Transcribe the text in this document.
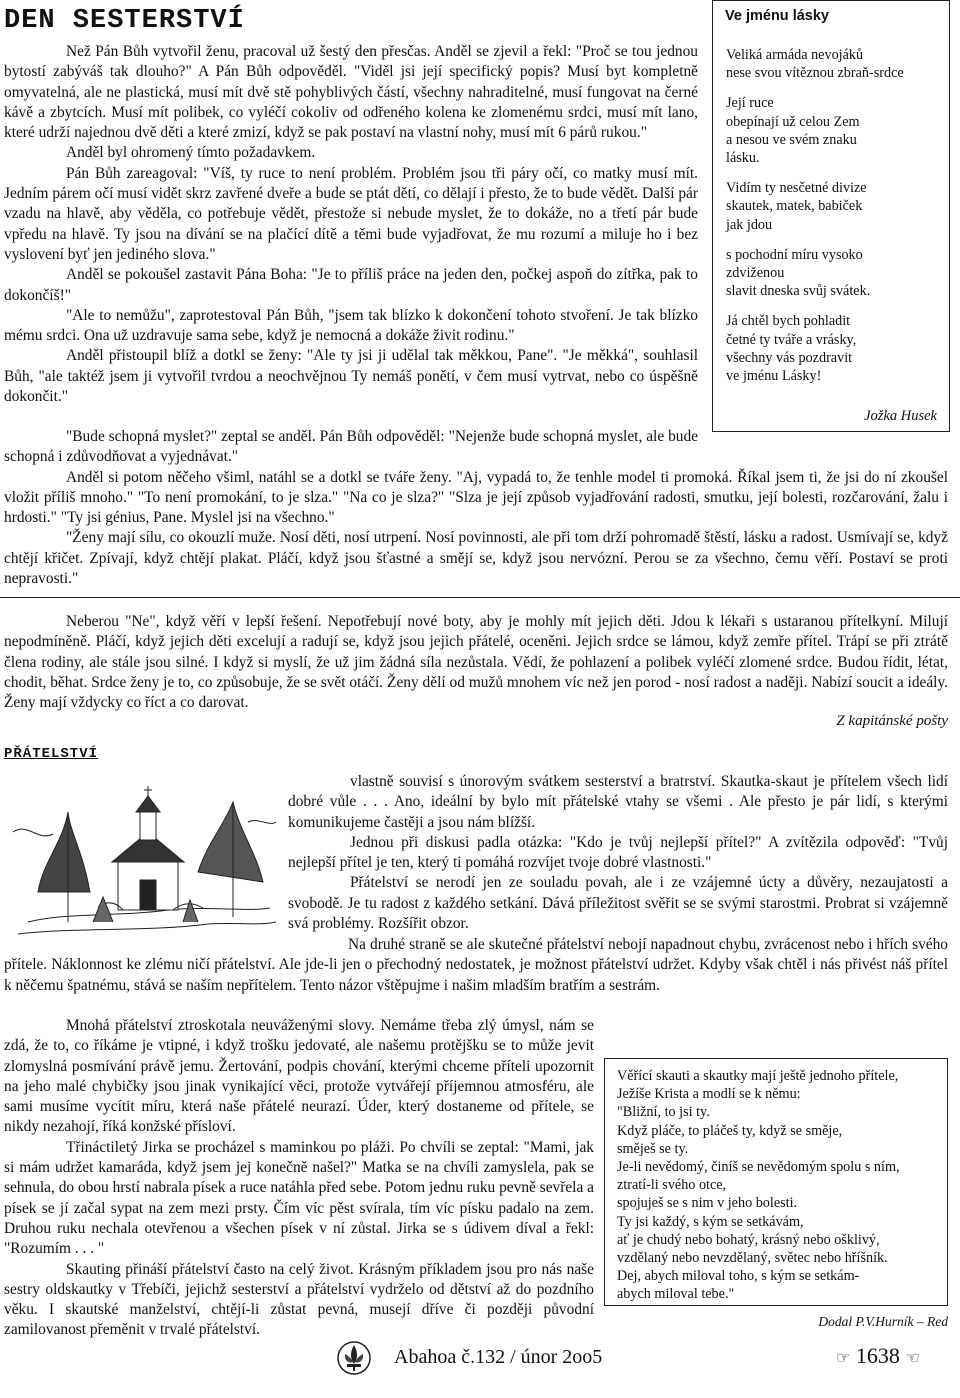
DEN SESTERSTVÍ	Ve jménu lásky
Veliká armáda nevojáků
nese svou vítěznou zbraň-srdce
Její ruce
obepínají už celou Zem
a nesou ve svém znaku
lásku.
Vidím ty nesčetné divize
skautek, matek, babiček
jak jdou
s pochodní míru vysoko
zdviženou
slavit dneska svůj svátek.
Já chtěl bych pohladit
četné ty tváře a vrásky,
všechny vás pozdravit
ve jménu Lásky!
Jožka Husek

Než Pán Bůh vytvořil ženu, pracoval už šestý den přesčas. Anděl se zjevil a řekl: "Proč se tou jednou bytostí zabýváš tak dlouho?" A Pán Bůh odpověděl. "Viděl jsi její specifický popis? Musí byt kompletně omyvatelná, ale ne plastická, musí mít dvě stě pohyblivých částí, všechny nahraditelné, musí fungovat na černé kávě a zbytcích. Musí mít polibek, co vyléčí cokoliv od odřeného kolena ke zlomenému srdci, musí mít lano, které udrží najednou dvě děti a které zmizí, když se pak postaví na vlastní nohy, musí mít 6 párů rukou."

Anděl byl ohromený tímto požadavkem.

Pán Bůh zareagoval: "Víš, ty ruce to není problém. Problém jsou tři páry očí, co matky musí mít. Jedním párem očí musí vidět skrz zavřené dveře a bude se ptát dětí, co dělají i přesto, že to bude vědět. Další pár vzadu na hlavě, aby věděla, co potřebuje vědět, přestože si nebude myslet, že to dokáže, no a třetí pár bude vpředu na hlavě. Ty jsou na dívání se na plačící dítě a těmi bude vyjadřovat, že mu rozumí a miluje ho i bez vyslovení byť jen jediného slova."

Anděl se pokoušel zastavit Pána Boha: "Je to příliš práce na jeden den, počkej aspoň do zítřka, pak to dokončíš!"

"Ale to nemůžu", zaprotestoval Pán Bůh, "jsem tak blízko k dokončení tohoto stvoření. Je tak blízko mému srdci. Ona už uzdravuje sama sebe, když je nemocná a dokáže živit rodinu."

Anděl přistoupil blíž a dotkl se ženy: "Ale ty jsi ji udělal tak měkkou, Pane". "Je měkká", souhlasil Bůh, "ale taktéž jsem ji vytvořil tvrdou a neochvějnou Ty nemáš ponětí, v čem musí vytrvat, nebo co úspěšně dokončit."

"Bude schopná myslet?" zeptal se anděl. Pán Bůh odpověděl: "Nejenže bude schopná myslet, ale bude schopná i zdůvodňovat a vyjednávat."

Anděl si potom něčeho všiml, natáhl se a dotkl se tváře ženy. "Aj, vypadá to, že tenhle model ti promoká. Říkal jsem ti, že jsi do ní zkoušel vložit příliš mnoho." "To není promokání, to je slza." "Na co je slza?" "Slza je její způsob vyjadřování radosti, smutku, její bolesti, rozčarování, žalu i hrdosti." "Ty jsi génius, Pane. Myslel jsi na všechno."

"Ženy mají sílu, co okouzlí muže. Nosí děti, nosí utrpení. Nosí povinnosti, ale při tom drží pohromadě štěstí, lásku a radost. Usmívají se, když chtějí křičet. Zpívají, když chtějí plakat. Pláčí, když jsou šťastné a smějí se, když jsou nervózní. Perou se za všechno, čemu věří. Postaví se proti nepravosti."

Neberou "Ne", když věří v lepší řešení. Nepotřebují nové boty, aby je mohly mít jejich děti. Jdou k lékaři s ustaranou přítelkyní. Milují nepodmíněně. Pláčí, když jejich děti excelují a radují se, když jsou jejich přátelé, oceněni. Jejich srdce se lámou, když zemře přítel. Trápí se při ztrátě člena rodiny, ale stále jsou silné. I když si myslí, že už jim žádná síla nezůstala. Vědí, že pohlazení a polibek vyléčí zlomené srdce. Budou řídit, létat, chodit, běhat. Srdce ženy je to, co způsobuje, že se svět otáčí. Ženy dělí od mužů mnohem víc než jen porod - nosí radost a naději. Nabízí soucit a ideály. Ženy mají vždycky co říct a co darovat.

Z kapitánské pošty
PŘÁTELSTVÍ

vlastně souvisí s únorovým svátkem sesterství a bratrství. Skautka-skaut je přítelem všech lidí dobré vůle . . . Ano, ideální by bylo mít přátelské vtahy se všemi . Ale přesto je pár lidí, s kterými komunikujeme častěji a jsou nám blížší.

Jednou při diskusi padla otázka: "Kdo je tvůj nejlepší přítel?" A zvítězila odpověď: "Tvůj nejlepší přítel je ten, který ti pomáhá rozvíjet tvoje dobré vlastnosti."

Přátelství se nerodí jen ze souladu povah, ale i ze vzájemné úcty a důvěry, nezaujatosti a svobodě. Je tu radost z každého setkání. Dává příležitost svěřit se se svými starostmi. Probrat si vzájemně svá problémy. Rozšířit obzor.

Na druhé straně se ale skutečné přátelství nebojí napadnout chybu, zvrácenost nebo i hřích svého přítele. Náklonnost ke zlému ničí přátelství. Ale jde-li jen o přechodný nedostatek, je možnost přátelství udržet. Kdyby však chtěl i nás přivést náš přítel k něčemu špatnému, stává se naším nepřítelem. Tento názor vštěpujme i našim mladším bratřím a sestrám.

Mnohá přátelství ztroskotala neuváženými slovy. Nemáme třeba zlý úmysl, nám se zdá, že to, co říkáme je vtipné, i když trošku jedovaté, ale našemu protějšku se to může jevit zlomyslná posmívání právě jemu. Žertování, podpis chování, kterými chceme příteli upozornit na jeho malé chybičky jsou jinak vynikající věci, protože vytvářejí příjemnou atmosféru, ale sami musíme vycítit míru, která naše přátelé neurazí. Úder, který dostaneme od přítele, se nikdy nezahojí, říká konžské přísloví.

Třináctiletý Jirka se procházel s maminkou po pláži. Po chvíli se zeptal: "Mami, jak si mám udržet kamaráda, když jsem jej konečně našel?" Matka se na chvíli zamyslela, pak se sehnula, do obou hrstí nabrala písek a ruce natáhla před sebe. Potom jednu ruku pevně sevřela a písek se jí začal sypat na zem mezi prsty. Čím víc pěst svírala, tím víc písku padalo na zem. Druhou ruku nechala otevřenou a všechen písek v ní zůstal. Jirka se s údivem díval a řekl: "Rozumím . . . "

Skauting přináší přátelství často na celý život. Krásným příkladem jsou pro nás naše sestry oldskautky v Třebíči, jejichž sesterství a přátelství vydrželo od dětství až do pozdního věku. I skautské manželství, chtějí-li zůstat pevná, musejí dříve či později původní zamilovanost přeměnit v trvalé přátelství.

Věřící skauti a skautky mají ještě jednoho přítele,
Ježíše Krista a modlí se k němu:
"Bližní, to jsi ty.
Když pláče, to pláčeš ty, když se směje,
směješ se ty.
Je-li nevědomý, činíš se nevědomým spolu s ním,
ztratí-li svého otce,
spojuješ se s nim v jeho bolesti.
Ty jsi každý, s kým se setkávám,
ať je chudý nebo bohatý, krásný nebo ošklivý,
vzdělaný nebo nevzdělaný, světec nebo hříšník.
Dej, abych miloval toho, s kým se setkám-
abych miloval tebe."
Dodal P.V.Hurník – Red
Abahoa č.132 / únor 2oo5	☞ 1638 ☜
